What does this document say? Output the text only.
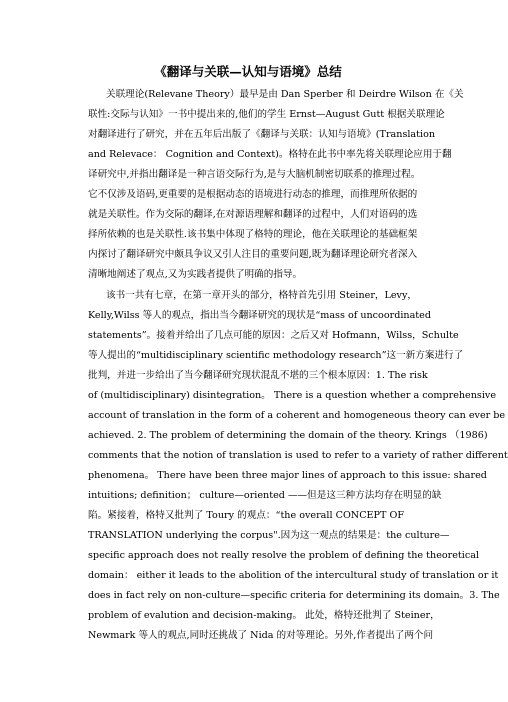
《翻译与关联—认知与语境》总结
关联理论(Relevane Theory）最早是由 Dan Sperber 和 Deirdre Wilson 在《关
联性:交际与认知》一书中提出来的,他们的学生 Ernst—August Gutt 根据关联理论
对翻译进行了研究，并在五年后出版了《翻译与关联：认知与语境》(Translation
and Relevace： Cognition and Context)。格特在此书中率先将关联理论应用于翻
译研究中,并指出翻译是一种言语交际行为,是与大脑机制密切联系的推理过程。
它不仅涉及语码,更重要的是根据动态的语境进行动态的推理，而推理所依据的
就是关联性。作为交际的翻译,在对源语理解和翻译的过程中，人们对语码的选
择所依赖的也是关联性.该书集中体现了格特的理论，他在关联理论的基础框架
内探讨了翻译研究中颇具争议又引人注目的重要问题,既为翻译理论研究者深入
清晰地阐述了观点,又为实践者提供了明确的指导。
该书一共有七章，在第一章开头的部分，格特首先引用 Steiner，Levy，
Kelly,Wilss 等人的观点，指出当今翻译研究的现状是“mass of uncoordinated
statements”。接着并给出了几点可能的原因：之后又对 Hofmann，Wilss，Schulte
等人提出的“multidisciplinary scientific methodology research”这一新方案进行了
批判，并进一步给出了当今翻译研究现状混乱不堪的三个根本原因：1. The risk
of (multidisciplinary) disintegration。 There is a question whether a comprehensive
account of translation in the form of a coherent and homogeneous theory can ever be
achieved. 2. The problem of determining the domain of the theory. Krings （1986)
comments that the notion of translation is used to refer to a variety of rather different
phenomena。 There have been three major lines of approach to this issue: shared
intuitions; definition； culture—oriented ——但是这三种方法均存在明显的缺
陷。紧接着，格特又批判了 Toury 的观点：“the overall CONCEPT OF
TRANSLATION underlying the corpus".因为这一观点的结果是：the culture—
specific approach does not really resolve the problem of defining the theoretical
domain： either it leads to the abolition of the intercultural study of translation or it
does in fact rely on non-culture—specific criteria for determining its domain。3. The
problem of evalution and decision-making。 此处，格特还批判了 Steiner，
Newmark 等人的观点,同时还挑战了 Nida 的对等理论。另外,作者提出了两个问
